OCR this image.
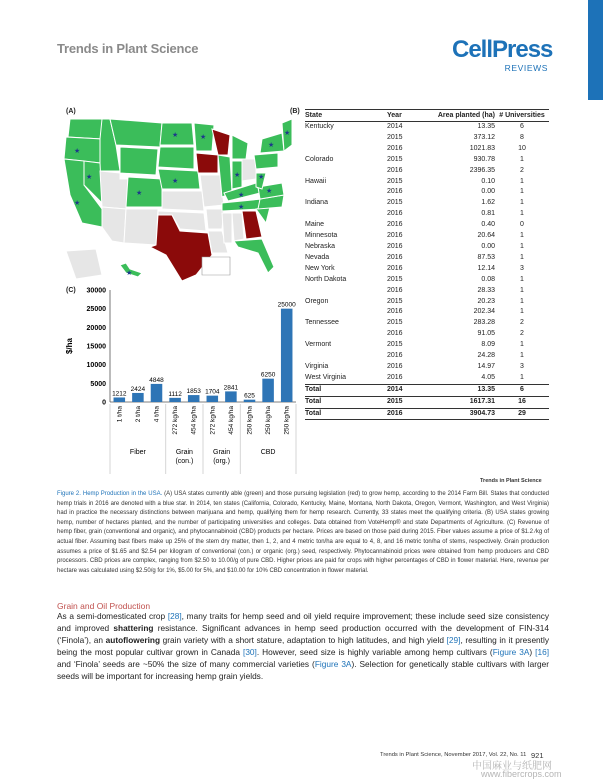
Trends in Plant Science	CellPress
REVIEWS
(A)	(B)
(C)
★
★
★
★
★
★
★
★
★
★
★
★
★
★
★
State	Year	Area planted (ha)	# Universities
Kentucky	2014	13.35	6
	2015	373.12	8
	2016	1021.83	10
Colorado	2015	930.78	1
	2016	2396.35	2
Hawaii	2015	0.10	1
	2016	0.00	1
Indiana	2015	1.62	1
	2016	0.81	1
Maine	2016	0.40	0
Minnesota	2016	20.64	1
Nebraska	2016	0.00	1
Nevada	2016	87.53	1
New York	2016	12.14	3
North Dakota	2015	0.08	1
	2016	28.33	1
Oregon	2015	20.23	1
	2016	202.34	1
Tennessee	2015	283.28	2
	2016	91.05	2
Vermont	2015	8.09	1
	2016	24.28	1
Virginia	2016	14.97	3
West Virginia	2016	4.05	1
Total	2014	13.35	6
Total	2015	1617.31	16
Total	2016	3904.73	29
0
5000
10000
15000
20000
25000
30000
$/ha
1212
1 t/ha
2424
2 t/ha
4848
4 t/ha
1112
272 kg/ha
1853
454 kg/ha
1704
272 kg/ha
2841
454 kg/ha
625
250 kg/ha
6250
250 kg/ha
25000
250 kg/ha
Fiber	Grain
(con.)
Grain
(org.)
CBD
Trends in Plant Science
Figure 2. Hemp Production in the USA. (A) USA states currently able (green) and those pursuing legislation (red) to grow hemp, according to the 2014 Farm Bill. States that conducted hemp trials in 2016 are denoted with a blue star. In 2014, ten states (California, Colorado, Kentucky, Maine, Montana, North Dakota, Oregon, Vermont, Washington, and West Virginia) had in practice the necessary distinctions between marijuana and hemp, qualifying them for hemp research. Currently, 33 states meet the qualifying criteria. (B) USA states growing hemp, number of hectares planted, and the number of participating universities and colleges. Data obtained from VoteHemp® and state Departments of Agriculture. (C) Revenue of hemp fiber, grain (conventional and organic), and phytocannabinoid (CBD) products per hectare. Prices are based on those paid during 2015. Fiber values assume a price of $1.2 ⁄kg of actual fiber. Assuming bast fibers make up 25% of the stem dry matter, then 1, 2, and 4 metric ton/ha are equal to 4, 8, and 16 metric ton/ha of stems, respectively. Grain production assumes a price of $1.65 and $2.54 per kilogram of conventional (con.) or organic (org.) seed, respectively. Phytocannabinoid prices were obtained from hemp producers and CBD processors. CBD prices are complex, ranging from $2.50 to 10.00/g of pure CBD. Higher prices are paid for crops with higher percentages of CBD in flower material. Here, revenue per hectare was calculated using $2.50/g for 1%, $5.00 for 5%, and $10.00 for 10% CBD concentration in flower material.
Grain and Oil Production
As a semi-domesticated crop [28], many traits for hemp seed and oil yield require improvement; these include seed size consistency and improved shattering resistance. Significant advances in hemp seed production occurred with the development of FIN-314 (‘Finola’), an autoflowering grain variety with a short stature, adaptation to high latitudes, and high yield [29], resulting in it presently being the most popular cultivar grown in Canada [30]. However, seed size is highly variable among hemp cultivars (Figure 3A) [16] and ‘Finola’ seeds are ~50% the size of many commercial varieties (Figure 3A). Selection for genetically stable cultivars with larger seeds will be important for increasing hemp grain yields.
Trends in Plant Science, November 2017, Vol. 22, No. 11 921
中国麻业与纸肥网
www.fibercrops.com
